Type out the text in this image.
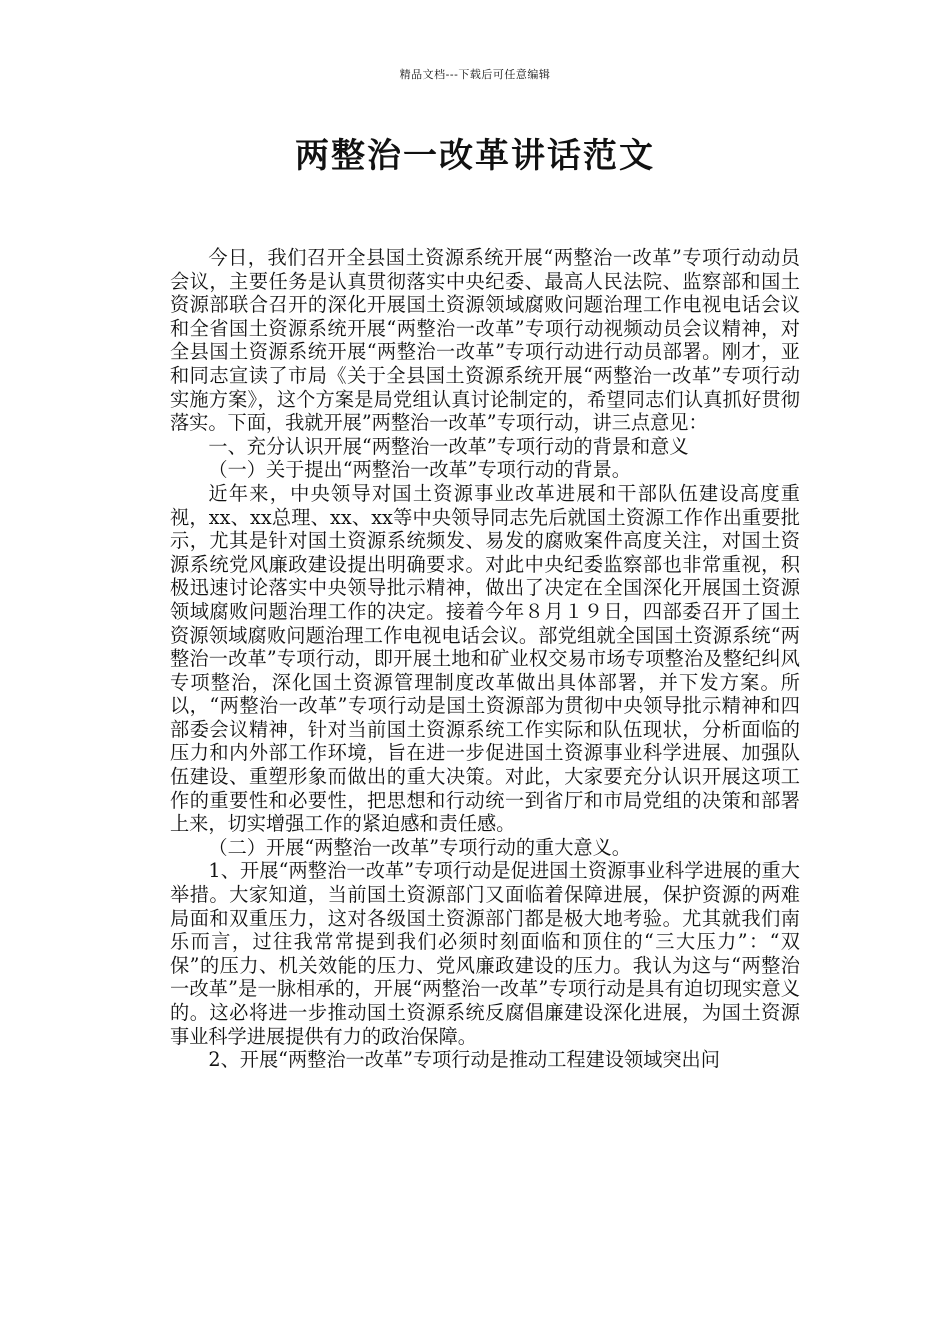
精品文档---下载后可任意编辑
两整治一改革讲话范文

今日，我们召开全县国土资源系统开展“两整治一改革”专项行动动员会议，主要任务是认真贯彻落实中央纪委、最高人民法院、监察部和国土资源部联合召开的深化开展国土资源领域腐败问题治理工作电视电话会议和全省国土资源系统开展“两整治一改革”专项行动视频动员会议精神，对全县国土资源系统开展“两整治一改革”专项行动进行动员部署。刚才，亚和同志宣读了市局《关于全县国土资源系统开展“两整治一改革”专项行动实施方案》，这个方案是局党组认真讨论制定的，希望同志们认真抓好贯彻落实。下面，我就开展”两整治一改革”专项行动，讲三点意见：

一、充分认识开展“两整治一改革”专项行动的背景和意义

（一）关于提出“两整治一改革”专项行动的背景。

近年来，中央领导对国土资源事业改革进展和干部队伍建设高度重视，xx、xx总理、xx、xx等中央领导同志先后就国土资源工作作出重要批示，尤其是针对国土资源系统频发、易发的腐败案件高度关注，对国土资源系统党风廉政建设提出明确要求。对此中央纪委监察部也非常重视，积极迅速讨论落实中央领导批示精神，做出了决定在全国深化开展国土资源领域腐败问题治理工作的决定。接着今年８月１９日，四部委召开了国土资源领域腐败问题治理工作电视电话会议。部党组就全国国土资源系统“两整治一改革”专项行动，即开展土地和矿业权交易市场专项整治及整纪纠风专项整治，深化国土资源管理制度改革做出具体部署，并下发方案。所以，“两整治一改革”专项行动是国土资源部为贯彻中央领导批示精神和四部委会议精神，针对当前国土资源系统工作实际和队伍现状，分析面临的压力和内外部工作环境，旨在进一步促进国土资源事业科学进展、加强队伍建设、重塑形象而做出的重大决策。对此，大家要充分认识开展这项工作的重要性和必要性，把思想和行动统一到省厅和市局党组的决策和部署上来，切实增强工作的紧迫感和责任感。

（二）开展“两整治一改革”专项行动的重大意义。

1、开展“两整治一改革”专项行动是促进国土资源事业科学进展的重大举措。大家知道，当前国土资源部门又面临着保障进展，保护资源的两难局面和双重压力，这对各级国土资源部门都是极大地考验。尤其就我们南乐而言，过往我常常提到我们必须时刻面临和顶住的“三大压力”：“双保”的压力、机关效能的压力、党风廉政建设的压力。我认为这与“两整治一改革”是一脉相承的，开展“两整治一改革”专项行动是具有迫切现实意义的。这必将进一步推动国土资源系统反腐倡廉建设深化进展，为国土资源事业科学进展提供有力的政治保障。

2、开展“两整治一改革”专项行动是推动工程建设领域突出问
